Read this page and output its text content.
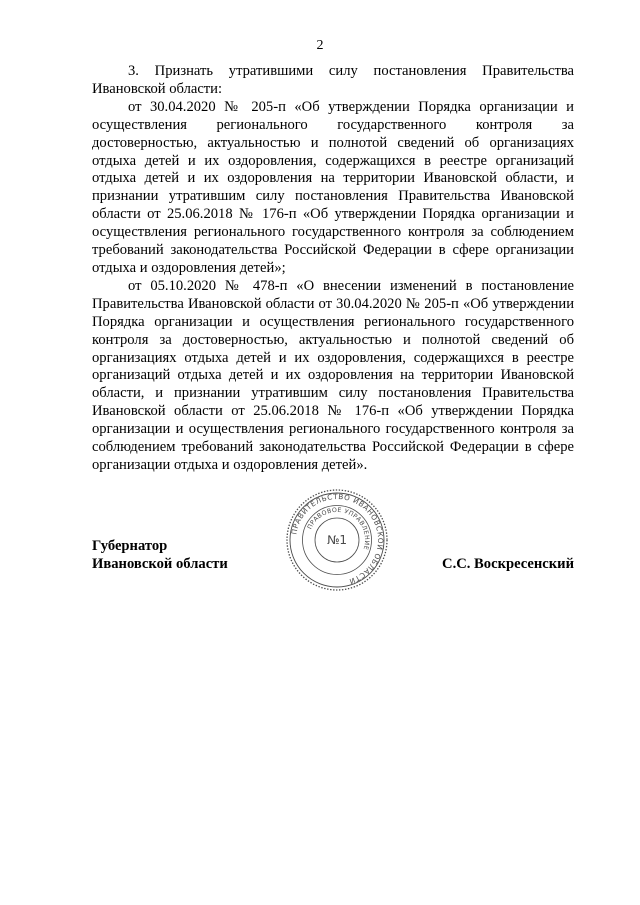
2

3. Признать утратившими силу постановления Правительства Ивановской области:

от 30.04.2020 № 205-п «Об утверждении Порядка организации и осуществления регионального государственного контроля за достоверностью, актуальностью и полнотой сведений об организациях отдыха детей и их оздоровления, содержащихся в реестре организаций отдыха детей и их оздоровления на территории Ивановской области, и признании утратившим силу постановления Правительства Ивановской области от 25.06.2018 № 176-п «Об утверждении Порядка организации и осуществления регионального государственного контроля за соблюдением требований законодательства Российской Федерации в сфере организации отдыха и оздоровления детей»;

от 05.10.2020 № 478-п «О внесении изменений в постановление Правительства Ивановской области от 30.04.2020 № 205-п «Об утверждении Порядка организации и осуществления регионального государственного контроля за достоверностью, актуальностью и полнотой сведений об организациях отдыха детей и их оздоровления, содержащихся в реестре организаций отдыха детей и их оздоровления на территории Ивановской области, и признании утратившим силу постановления Правительства Ивановской области от 25.06.2018 № 176-п «Об утверждении Порядка организации и осуществления регионального государственного контроля за соблюдением требований законодательства Российской Федерации в сфере организации отдыха и оздоровления детей».

ПРАВИТЕЛЬСТВО ИВАНОВСКОЙ ОБЛАСТИ
ПРАВОВОЕ УПРАВЛЕНИЕ
№1
Губернатор
Ивановской области	С.С. Воскресенский
